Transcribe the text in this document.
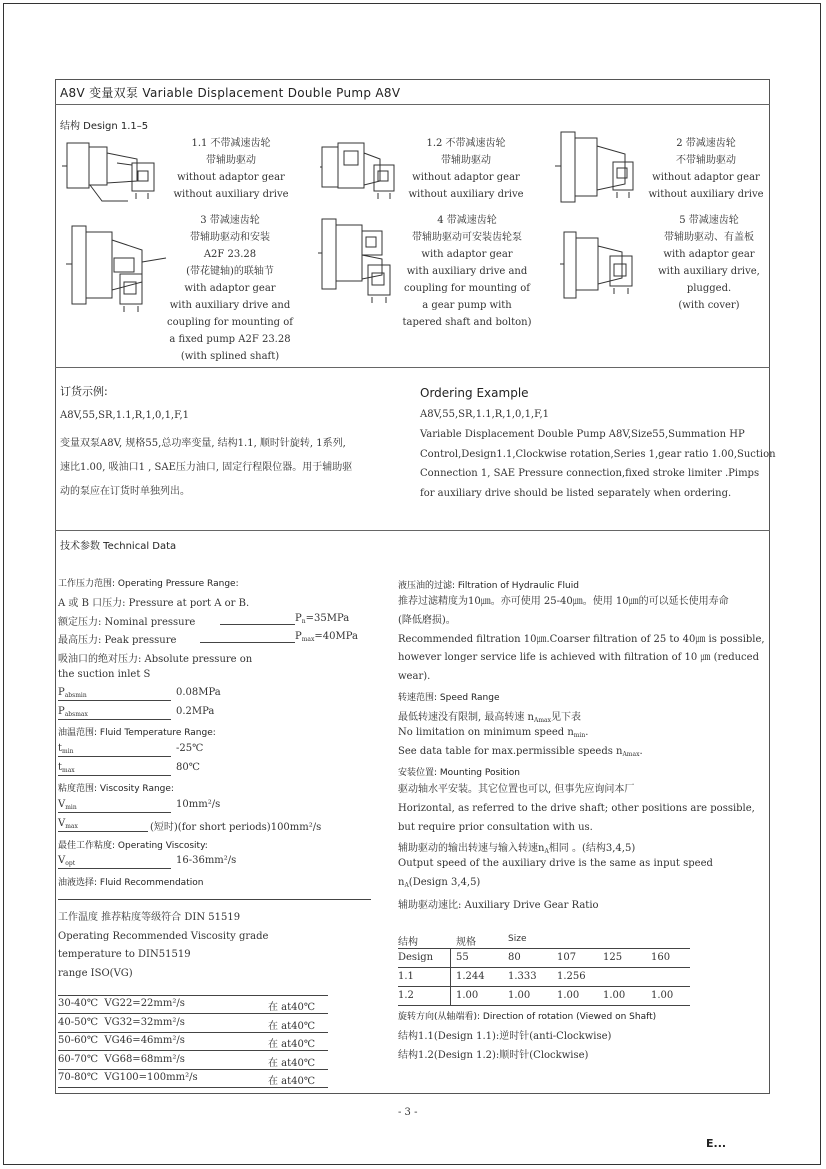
A8V 变量双泵 Variable Displacement Double Pump A8V
结构 Design 1.1–5
1.1 不带减速齿轮
带辅助驱动
without adaptor gear
without auxiliary drive
1.2 不带减速齿轮
带辅助驱动
without adaptor gear
without auxiliary drive
2 带减速齿轮
不带辅助驱动
without adaptor gear
without auxiliary drive
3 带减速齿轮
带辅助驱动和安装
A2F 23.28
(带花键轴)的联轴节
with adaptor gear
with auxiliary drive and
coupling for mounting of
a fixed pump A2F 23.28
(with splined shaft)
4 带减速齿轮
带辅助驱动可安装齿轮泵
with adaptor gear
with auxiliary drive and
coupling for mounting of
a gear pump with
tapered shaft and bolton)
5 带减速齿轮
带辅助驱动、有盖板
with adaptor gear
with auxiliary drive,
plugged.
(with cover)
订货示例:
A8V,55,SR,1.1,R,1,0,1,F,1
变量双泵A8V, 规格55,总功率变量, 结构1.1, 顺时针旋转, 1系列,
速比1.00, 吸油口1 , SAE压力油口, 固定行程限位器。用于辅助驱
动的泵应在订货时单独列出。
Ordering Example
A8V,55,SR,1.1,R,1,0,1,F,1
Variable Displacement Double Pump A8V,Size55,Summation HP
Control,Design1.1,Clockwise rotation,Series 1,gear ratio 1.00,Suction
Connection 1, SAE Pressure connection,fixed stroke limiter .Pimps
for auxiliary drive should be listed separately when ordering.
技术参数 Technical Data
工作压力范围: Operating Pressure Range:
A 或 B 口压力: Pressure at port A or B.
额定压力: Nominal pressure	$P_n=35MPa$
最高压力: Peak pressure	$P_{max}=40MPa$
吸油口的绝对压力: Absolute pressure on
the suction inlet S
$P_{absmin}$	0.08MPa
$P_{absmax}$	0.2MPa
油温范围: Fluid Temperature Range:
$t_{min}$	-25℃
$t_{max}$	80℃
粘度范围: Viscosity Range:
$V_{min}$	10mm²/s
$V_{max}$	(短时)(for short periods)100mm²/s
最佳工作粘度: Operating Viscosity:
$V_{opt}$	16-36mm²/s
油液选择: Fluid Recommendation
工作温度 推荐粘度等级符合 DIN 51519
Operating Recommended Viscosity grade
temperature to DIN51519
range ISO(VG)
30-40℃ VG22=22mm²/s	在 at40℃
40-50℃ VG32=32mm²/s	在 at40℃
50-60℃ VG46=46mm²/s	在 at40℃
60-70℃ VG68=68mm²/s	在 at40℃
70-80℃ VG100=100mm²/s	在 at40℃
液压油的过滤: Filtration of Hydraulic Fluid
推荐过滤精度为10㎛。亦可使用 25-40㎛。使用 10㎛的可以延长使用寿命
(降低磨损)。
Recommended filtration 10㎛.Coarser filtration of 25 to 40㎛ is possible,
however longer service life is achieved with filtration of 10 ㎛ (reduced
wear).
转速范围: Speed Range
最低转速没有限制, 最高转速 $n_{Amax}$见下表
No limitation on minimum speed $n_{min}$.
See data table for max.permissible speeds $n_{Amax}$.
安装位置: Mounting Position
驱动轴水平安装。其它位置也可以, 但事先应询问本厂
Horizontal, as referred to the drive shaft; other positions are possible,
but require prior consultation with us.
辅助驱动的输出转速与输入转速$n_A$相同 。(结构3,4,5)
Output speed of the auxiliary drive is the same as input speed
$n_A(Design$ 3,4,5)
辅助驱动速比: Auxiliary Drive Gear Ratio
结构	规格	Size
Design 55	80	107	125	160
1.1	1.244 1.333 1.256
1.2	1.00	1.00	1.00 1.00	1.00
旋转方向(从轴端看): Direction of rotation (Viewed on Shaft)
结构1.1(Design 1.1):逆时针(anti-Clockwise)
结构1.2(Design 1.2):顺时针(Clockwise)
- 3 -
E...
